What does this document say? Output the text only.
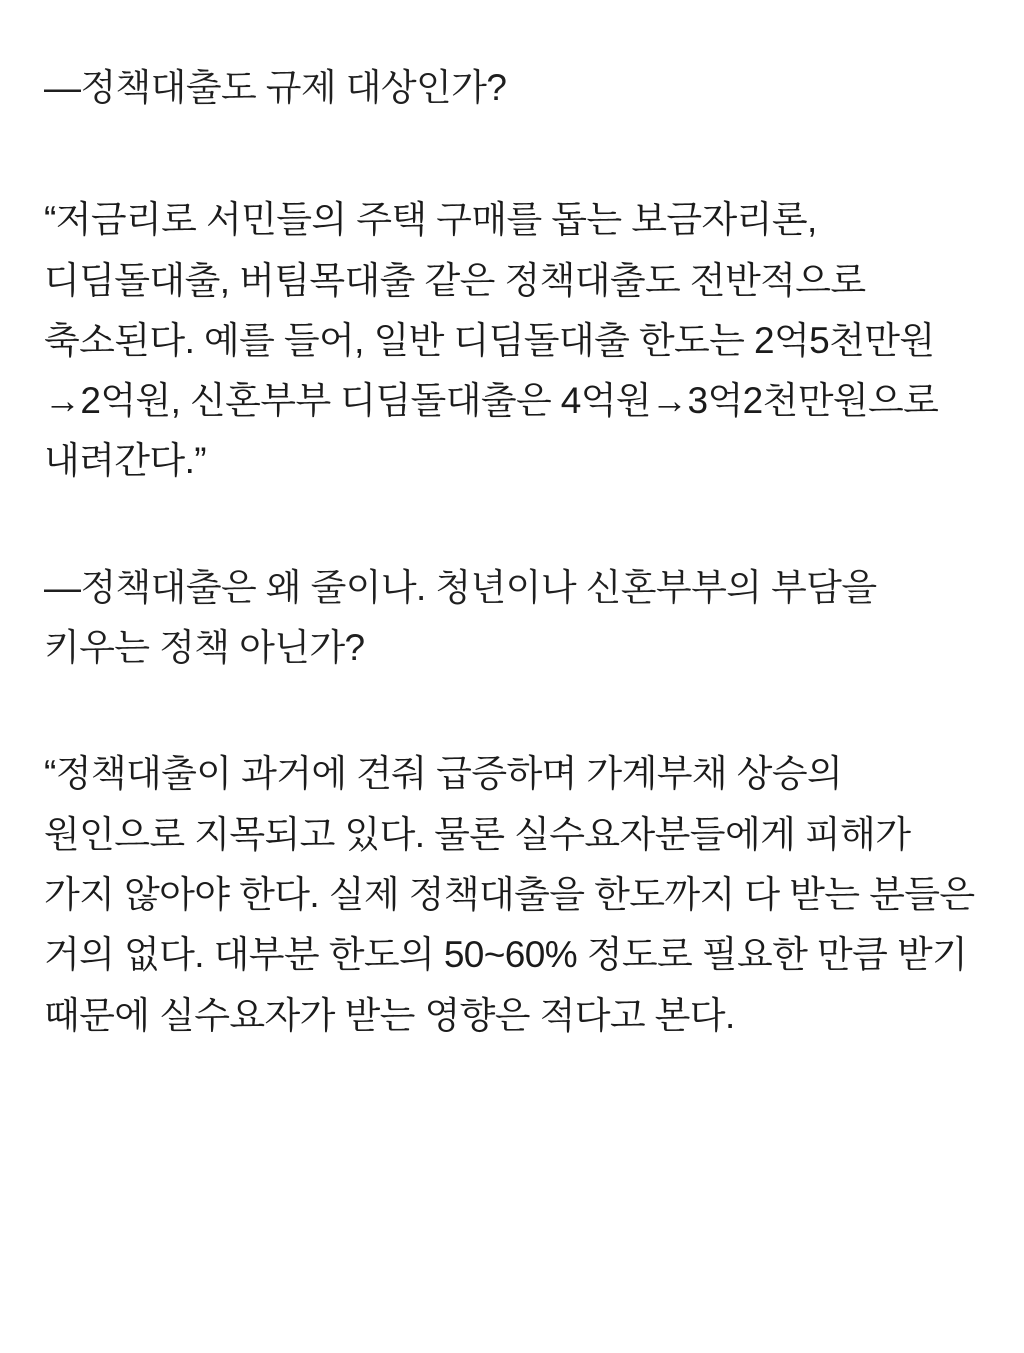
—정책대출도 규제 대상인가?

“저금리로 서민들의 주택 구매를 돕는 보금자리론, 디딤돌대출, 버팀목대출 같은 정책대출도 전반적으로 축소된다. 예를 들어, 일반 디딤돌대출 한도는 2억5천만원→2억원, 신혼부부 디딤돌대출은 4억원→3억2천만원으로 내려간다.”

—정책대출은 왜 줄이나. 청년이나 신혼부부의 부담을 키우는 정책 아닌가?

“정책대출이 과거에 견줘 급증하며 가계부채 상승의 원인으로 지목되고 있다. 물론 실수요자분들에게 피해가 가지 않아야 한다. 실제 정책대출을 한도까지 다 받는 분들은 거의 없다. 대부분 한도의 50~60% 정도로 필요한 만큼 받기 때문에 실수요자가 받는 영향은 적다고 본다.
